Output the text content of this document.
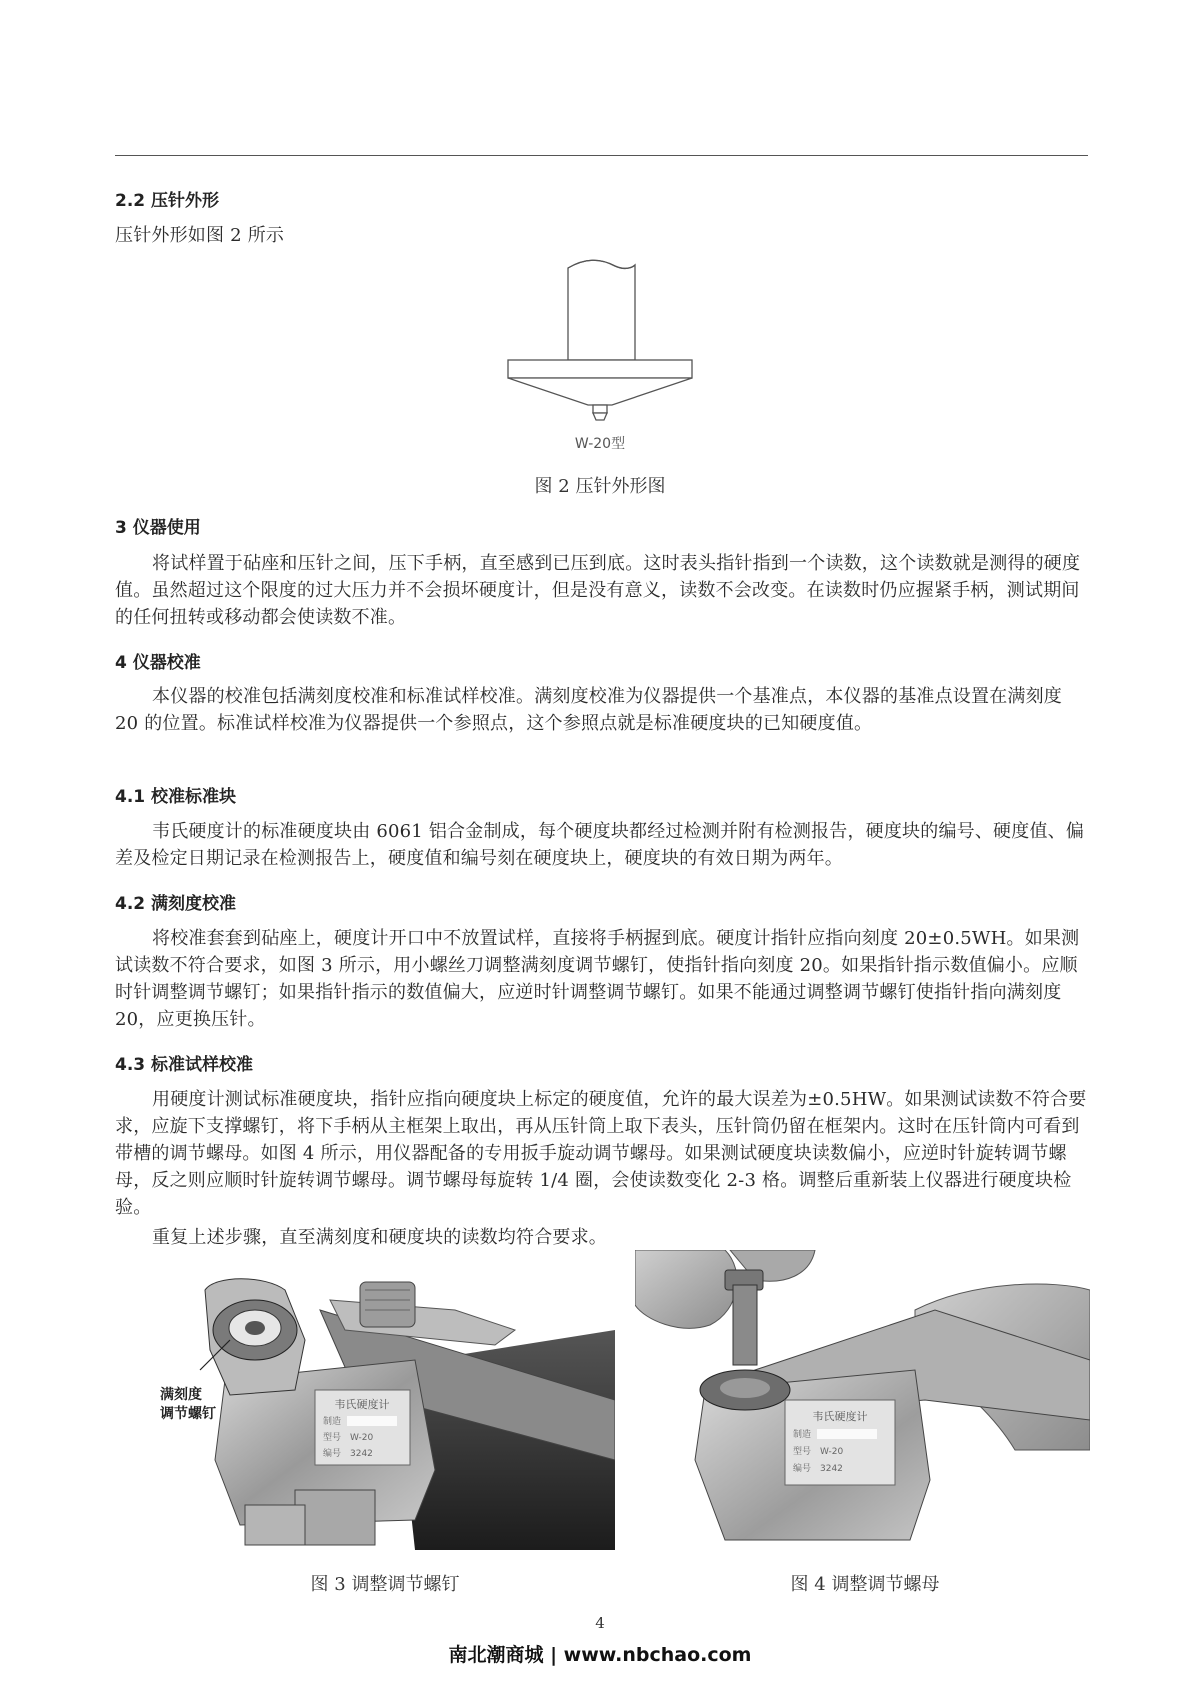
2.2 压针外形
压针外形如图 2 所示
W-20型
图 2 压针外形图
3 仪器使用
将试样置于砧座和压针之间，压下手柄，直至感到已压到底。这时表头指针指到一个读数，这个读数就是测得的硬度值。虽然超过这个限度的过大压力并不会损坏硬度计，但是没有意义，读数不会改变。在读数时仍应握紧手柄，测试期间的任何扭转或移动都会使读数不准。
4 仪器校准
本仪器的校准包括满刻度校准和标准试样校准。满刻度校准为仪器提供一个基准点，本仪器的基准点设置在满刻度 20 的位置。标准试样校准为仪器提供一个参照点，这个参照点就是标准硬度块的已知硬度值。
4.1 校准标准块
韦氏硬度计的标准硬度块由 6061 铝合金制成，每个硬度块都经过检测并附有检测报告，硬度块的编号、硬度值、偏差及检定日期记录在检测报告上，硬度值和编号刻在硬度块上，硬度块的有效日期为两年。
4.2 满刻度校准
将校准套套到砧座上，硬度计开口中不放置试样，直接将手柄握到底。硬度计指针应指向刻度 20±0.5WH。如果测试读数不符合要求，如图 3 所示，用小螺丝刀调整满刻度调节螺钉，使指针指向刻度 20。如果指针指示数值偏小。应顺时针调整调节螺钉；如果指针指示的数值偏大，应逆时针调整调节螺钉。如果不能通过调整调节螺钉使指针指向满刻度 20，应更换压针。
4.3 标准试样校准
用硬度计测试标准硬度块，指针应指向硬度块上标定的硬度值，允许的最大误差为±0.5HW。如果测试读数不符合要求，应旋下支撑螺钉，将下手柄从主框架上取出，再从压针筒上取下表头，压针筒仍留在框架内。这时在压针筒内可看到带槽的调节螺母。如图 4 所示，用仪器配备的专用扳手旋动调节螺母。如果测试硬度块读数偏小，应逆时针旋转调节螺母，反之则应顺时针旋转调节螺母。调节螺母每旋转 1/4 圈，会使读数变化 2-3 格。调整后重新装上仪器进行硬度块检验。
重复上述步骤，直至满刻度和硬度块的读数均符合要求。
韦氏硬度计
制造
型号 W-20
编号 3242
满刻度
调节螺钉
图 3 调整调节螺钉
韦氏硬度计
制造
型号 W-20
编号 3242
图 4 调整调节螺母
4
南北潮商城 | www.nbchao.com
